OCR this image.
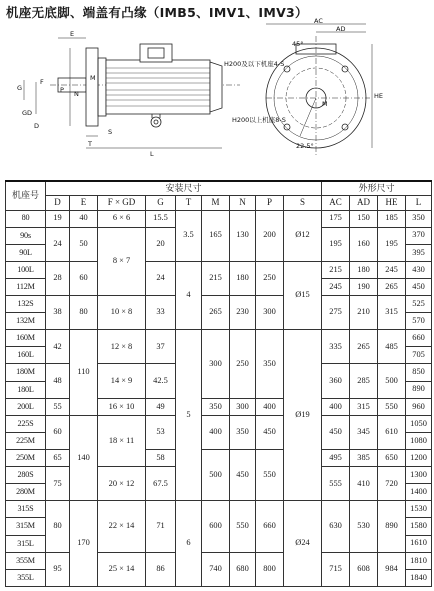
机座无底脚、端盖有凸缘（IMB5、IMV1、IMV3）
E
F
G
GD
D
P N
T
L
M
S
AC
AD
45°
H200及以下机座4-S
H200以上机座8-S
HE
M
22.5°
机座号	安装尺寸									外形尺寸			
	D	E	F × GD	G	T	M	N	P	S	AC	AD	HE	L
80	19	40	6 × 6	15.5	3.5	165	130	200	Ø12	175	150	185	350
90s	24	50	8 × 7	20						195	160	195	370
90L													395
100L	28	60		24	4	215	180	250	Ø15	215	180	245	430
112M										245	190	265	450
132S	38	80	10 × 8	33		265	230	300		275	210	315	525
132M													570
160M	42	110	12 × 8	37	5	300	250	350	Ø19	335	265	485	660
160L													705
180M	48		14 × 9	42.5						360	285	500	850
180L													890
200L	55		16 × 10	49		350	300	400		400	315	550	960
225S	60	140	18 × 11	53		400	350	450		450	345	610	1050
225M													1080
250M	65			58		500	450	550		495	385	650	1200
280S	75		20 × 12	67.5						555	410	720	1300
280M													1400
315S	80	170	22 × 14	71	6	600	550	660	Ø24	630	530	890	1530
315M													1580
315L													1610
355M	95		25 × 14	86		740	680	800		715	608	984	1810
355L													1840
